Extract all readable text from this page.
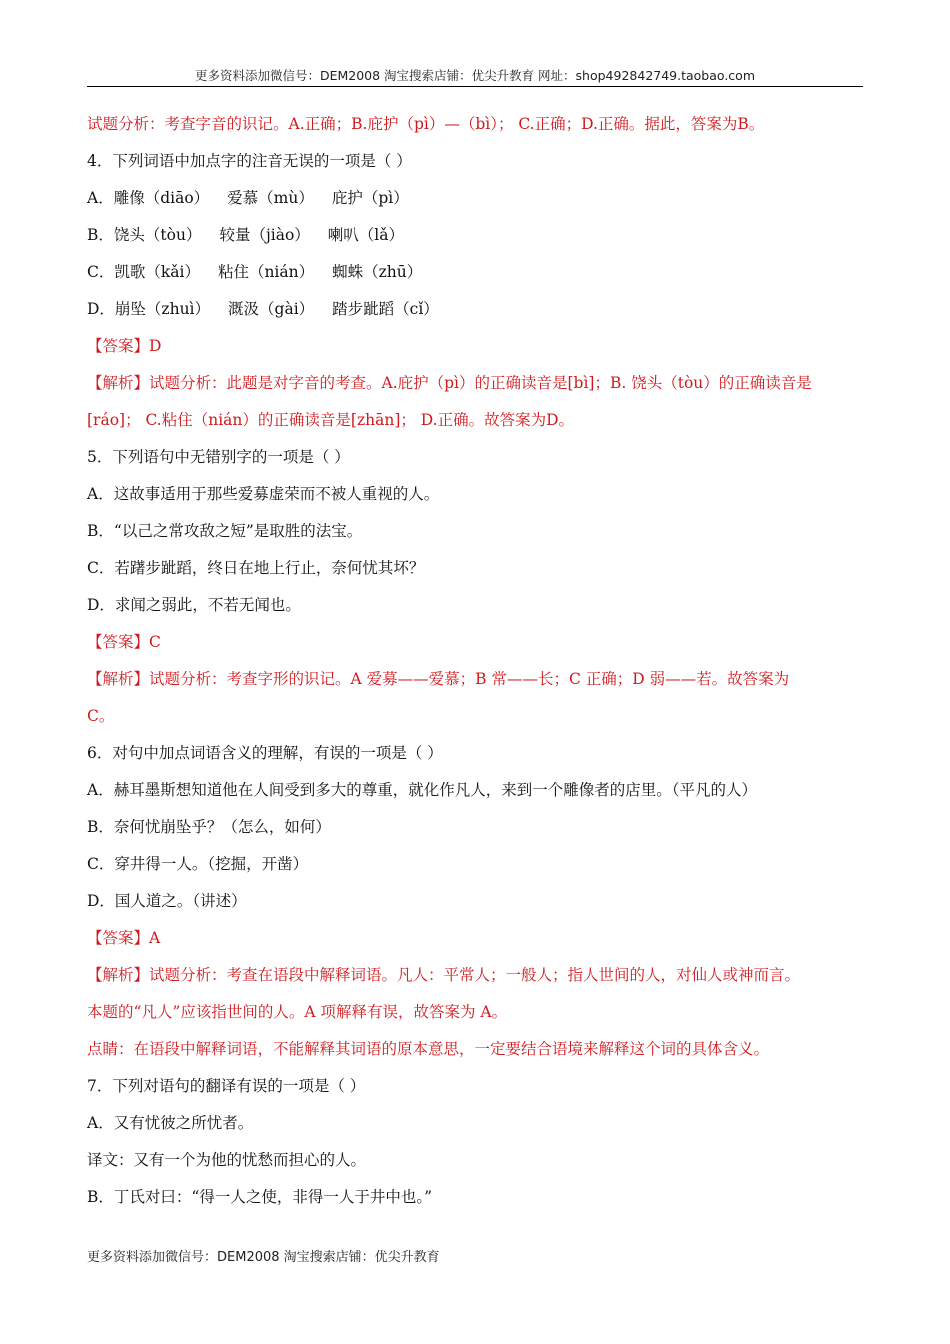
更多资料添加微信号：DEM2008 淘宝搜索店铺：优尖升教育 网址：shop492842749.taobao.com
试题分析：考查字音的识记。A.正确；B.庇护（pì）—（bì）； C.正确；D.正确。据此，答案为B。
4．下列词语中加点字的注音无误的一项是（ ）
A．雕像（diāo） 爱慕（mù） 庇护（pì）
B．饶头（tòu） 较量（jiào） 喇叭（lǎ）
C．凯歌（kǎi） 粘住（nián） 蜘蛛（zhū）
D．崩坠（zhuì） 溉汲（gài） 踏步跐蹈（cǐ）
【答案】D
【解析】试题分析：此题是对字音的考查。A.庇护（pì）的正确读音是[bì]；B. 饶头（tòu）的正确读音是
[ráo]； C.粘住（nián）的正确读音是[zhān]； D.正确。故答案为D。
5．下列语句中无错别字的一项是（ ）
A．这故事适用于那些爱募虚荣而不被人重视的人。
B．“以己之常攻敌之短”是取胜的法宝。
C．若躇步跐蹈，终日在地上行止，奈何忧其坏？
D．求闻之弱此，不若无闻也。
【答案】C
【解析】试题分析：考查字形的识记。A 爱募——爱慕；B 常——长；C 正确；D 弱——若。故答案为
C。
6．对句中加点词语含义的理解，有误的一项是（ ）
A．赫耳墨斯想知道他在人间受到多大的尊重，就化作凡人，来到一个雕像者的店里。（平凡的人）
B．奈何忧崩坠乎？（怎么，如何）
C．穿井得一人。（挖掘，开凿）
D．国人道之。（讲述）
【答案】A
【解析】试题分析：考查在语段中解释词语。凡人：平常人；一般人；指人世间的人，对仙人或神而言。
本题的“凡人”应该指世间的人。A 项解释有误，故答案为 A。
点睛：在语段中解释词语，不能解释其词语的原本意思，一定要结合语境来解释这个词的具体含义。
7．下列对语句的翻译有误的一项是（ ）
A．又有忧彼之所忧者。
译文：又有一个为他的忧愁而担心的人。
B．丁氏对曰：“得一人之使，非得一人于井中也。”
更多资料添加微信号：DEM2008 淘宝搜索店铺：优尖升教育
